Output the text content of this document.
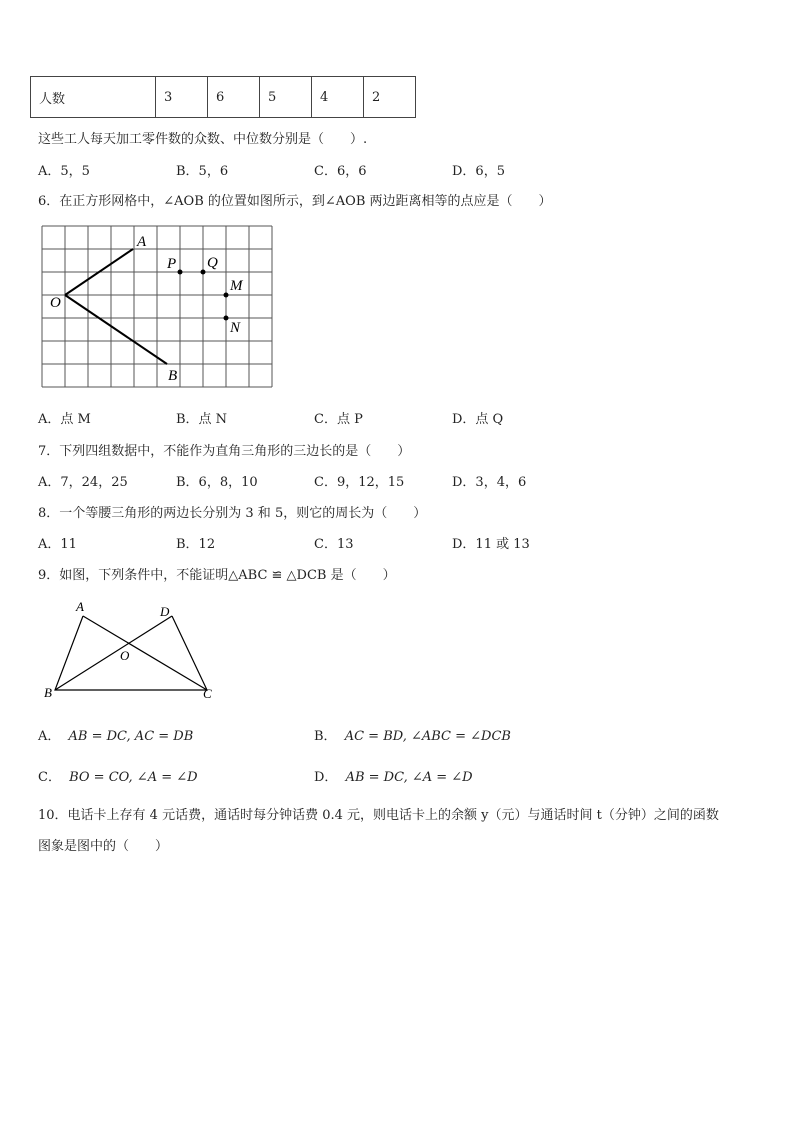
人数	3	6	5	4	2
这些工人每天加工零件数的众数、中位数分别是（　　）.
A．5，5	B．5，6	C．6，6	D．6，5
6．在正方形网格中，∠AOB 的位置如图所示，到∠AOB 两边距离相等的点应是（　　）
A
B
O
P Q
M
N
A．点 M	B．点 N	C．点 P	D．点 Q
7．下列四组数据中，不能作为直角三角形的三边长的是（　　）
A．7，24，25	B．6，8，10	C．9，12，15	D．3，4，6
8．一个等腰三角形的两边长分别为 3 和 5，则它的周长为（　　）
A．11	B．12	C．13	D．11 或 13
9．如图，下列条件中，不能证明△ABC ≌ △DCB 是（　　）
A	D
O
B	C
A． AB = DC, AC = DB	B． AC = BD, ∠ABC = ∠DCB
C． BO = CO, ∠A = ∠D	D． AB = DC, ∠A = ∠D
10．电话卡上存有 4 元话费，通话时每分钟话费 0.4 元，则电话卡上的余额 y（元）与通话时间 t（分钟）之间的函数
图象是图中的（　　）
